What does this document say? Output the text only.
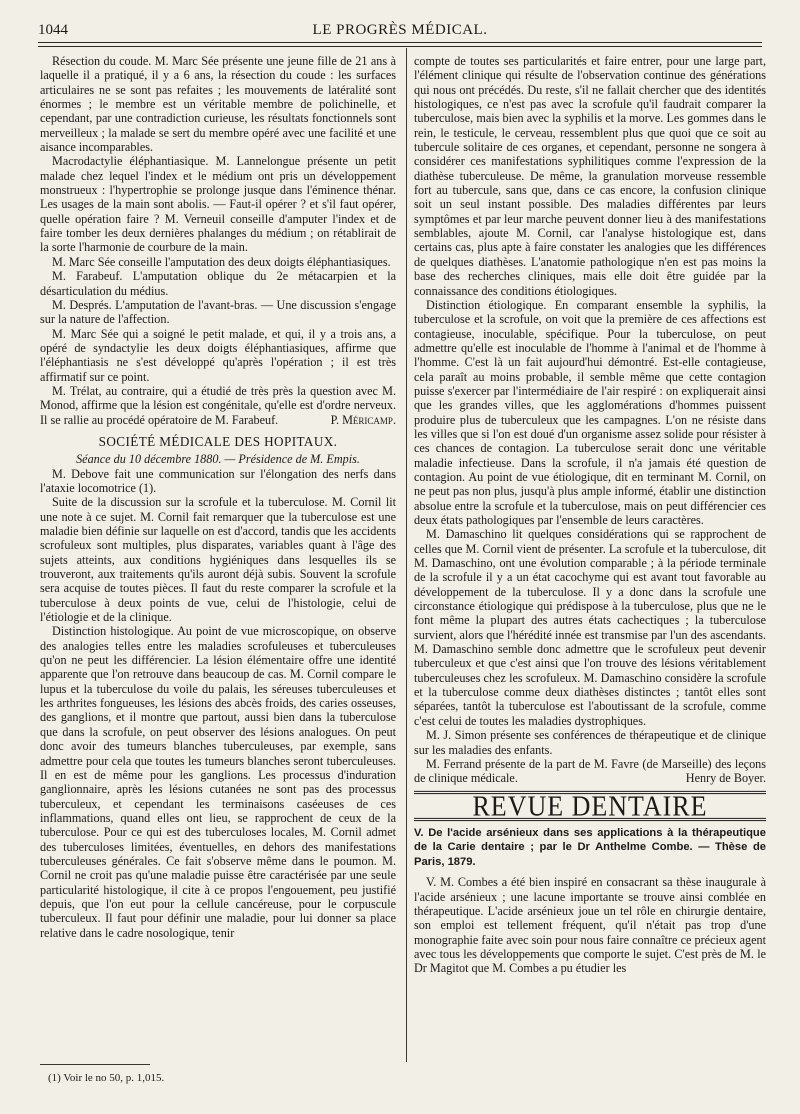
1044	LE PROGRÈS MÉDICAL.

Résection du coude. M. Marc Sée présente une jeune fille de 21 ans à laquelle il a pratiqué, il y a 6 ans, la résection du coude : les surfaces articulaires ne se sont pas refaites ; les mouvements de latéralité sont énormes ; le membre est un véritable membre de polichinelle, et cependant, par une contradiction curieuse, les résultats fonctionnels sont merveilleux ; la malade se sert du membre opéré avec une facilité et une aisance incomparables.

Macrodactylie éléphantiasique. M. Lannelongue présente un petit malade chez lequel l'index et le médium ont pris un développement monstrueux : l'hypertrophie se prolonge jusque dans l'éminence thénar. Les usages de la main sont abolis. — Faut-il opérer ? et s'il faut opérer, quelle opération faire ? M. Verneuil conseille d'amputer l'index et de faire tomber les deux dernières phalanges du médium ; on rétablirait de la sorte l'harmonie de courbure de la main.

M. Marc Sée conseille l'amputation des deux doigts éléphantiasiques.

M. Farabeuf. L'amputation oblique du 2e métacarpien et la désarticulation du médius.

M. Després. L'amputation de l'avant-bras. — Une discussion s'engage sur la nature de l'affection.

M. Marc Sée qui a soigné le petit malade, et qui, il y a trois ans, a opéré de syndactylie les deux doigts éléphantiasiques, affirme que l'éléphantiasis ne s'est développé qu'après l'opération ; il est très affirmatif sur ce point.

M. Trélat, au contraire, qui a étudié de très près la question avec M. Monod, affirme que la lésion est congénitale, qu'elle est d'ordre nerveux. Il se rallie au procédé opératoire de M. Farabeuf.	P. Méricamp.

SOCIÉTÉ MÉDICALE DES HOPITAUX.

Séance du 10 décembre 1880. — Présidence de M. Empis.

M. Debove fait une communication sur l'élongation des nerfs dans l'ataxie locomotrice (1).

Suite de la discussion sur la scrofule et la tuberculose. M. Cornil lit une note à ce sujet. M. Cornil fait remarquer que la tuberculose est une maladie bien définie sur laquelle on est d'accord, tandis que les accidents scrofuleux sont multiples, plus disparates, variables quant à l'âge des sujets atteints, aux conditions hygiéniques dans lesquelles ils se trouveront, aux traitements qu'ils auront déjà subis. Souvent la scrofule sera acquise de toutes pièces. Il faut du reste comparer la scrofule et la tuberculose à deux points de vue, celui de l'histologie, celui de l'étiologie et de la clinique.

Distinction histologique. Au point de vue microscopique, on observe des analogies telles entre les maladies scrofuleuses et tuberculeuses qu'on ne peut les différencier. La lésion élémentaire offre une identité apparente que l'on retrouve dans beaucoup de cas. M. Cornil compare le lupus et la tuberculose du voile du palais, les séreuses tuberculeuses et les arthrites fongueuses, les lésions des abcès froids, des caries osseuses, des ganglions, et il montre que partout, aussi bien dans la tuberculose que dans la scrofule, on peut observer des lésions analogues. On peut donc avoir des tumeurs blanches tuberculeuses, par exemple, sans admettre pour cela que toutes les tumeurs blanches seront tuberculeuses. Il en est de même pour les ganglions. Les processus d'induration ganglionnaire, après les lésions cutanées ne sont pas des processus tuberculeux, et cependant les terminaisons caséeuses de ces inflammations, quand elles ont lieu, se rapprochent de ceux de la tuberculose. Pour ce qui est des tuberculoses locales, M. Cornil admet des tuberculoses limitées, éventuelles, en dehors des manifestations tuberculeuses générales. Ce fait s'observe même dans le poumon. M. Cornil ne croit pas qu'une maladie puisse être caractérisée par une seule particularité histologique, il cite à ce propos l'engouement, peu justifié depuis, que l'on eut pour la cellule cancéreuse, pour le corpuscule tuberculeux. Il faut pour définir une maladie, pour lui donner sa place relative dans le cadre nosologique, tenir

compte de toutes ses particularités et faire entrer, pour une large part, l'élément clinique qui résulte de l'observation continue des générations qui nous ont précédés. Du reste, s'il ne fallait chercher que des identités histologiques, ce n'est pas avec la scrofule qu'il faudrait comparer la tuberculose, mais bien avec la syphilis et la morve. Les gommes dans le rein, le testicule, le cerveau, ressemblent plus que quoi que ce soit au tubercule solitaire de ces organes, et cependant, personne ne songera à considérer ces manifestations syphilitiques comme l'expression de la diathèse tuberculeuse. De même, la granulation morveuse ressemble fort au tubercule, sans que, dans ce cas encore, la confusion clinique soit un seul instant possible. Des maladies différentes par leurs symptômes et par leur marche peuvent donner lieu à des manifestations semblables, ajoute M. Cornil, car l'analyse histologique est, dans certains cas, plus apte à faire constater les analogies que les différences de quelques diathèses. L'anatomie pathologique n'en est pas moins la base des recherches cliniques, mais elle doit être guidée par la connaissance des conditions étiologiques.

Distinction étiologique. En comparant ensemble la syphilis, la tuberculose et la scrofule, on voit que la première de ces affections est contagieuse, inoculable, spécifique. Pour la tuberculose, on peut admettre qu'elle est inoculable de l'homme à l'animal et de l'homme à l'homme. C'est là un fait aujourd'hui démontré. Est-elle contagieuse, cela paraît au moins probable, il semble même que cette contagion puisse s'exercer par l'intermédiaire de l'air respiré : on expliquerait ainsi que les grandes villes, que les agglomérations d'hommes puissent produire plus de tuberculeux que les campagnes. L'on ne résiste dans les villes que si l'on est doué d'un organisme assez solide pour résister à ces chances de contagion. La tuberculose serait donc une véritable maladie infectieuse. Dans la scrofule, il n'a jamais été question de contagion. Au point de vue étiologique, dit en terminant M. Cornil, on ne peut pas non plus, jusqu'à plus ample informé, établir une distinction absolue entre la scrofule et la tuberculose, mais on peut différencier ces deux états pathologiques par l'ensemble de leurs caractères.

M. Damaschino lit quelques considérations qui se rapprochent de celles que M. Cornil vient de présenter. La scrofule et la tuberculose, dit M. Damaschino, ont une évolution comparable ; à la période terminale de la scrofule il y a un état cacochyme qui est avant tout favorable au développement de la tuberculose. Il y a donc dans la scrofule une circonstance étiologique qui prédispose à la tuberculose, plus que ne le font même la plupart des autres états cachectiques ; la tuberculose survient, alors que l'hérédité innée est transmise par l'un des ascendants. M. Damaschino semble donc admettre que le scrofuleux peut devenir tuberculeux et que c'est ainsi que l'on trouve des lésions véritablement tuberculeuses chez les scrofuleux. M. Damaschino considère la scrofule et la tuberculose comme deux diathèses distinctes ; tantôt elles sont séparées, tantôt la tuberculose est l'aboutissant de la scrofule, comme c'est celui de toutes les maladies dystrophiques.

M. J. Simon présente ses conférences de thérapeutique et de clinique sur les maladies des enfants.

M. Ferrand présente de la part de M. Favre (de Marseille) des leçons de clinique médicale.	Henry de Boyer.

REVUE DENTAIRE

V. De l'acide arsénieux dans ses applications à la thérapeutique de la Carie dentaire ; par le Dr Anthelme Combe. — Thèse de Paris, 1879.

V. M. Combes a été bien inspiré en consacrant sa thèse inaugurale à l'acide arsénieux ; une lacune importante se trouve ainsi comblée en thérapeutique. L'acide arsénieux joue un tel rôle en chirurgie dentaire, son emploi est tellement fréquent, qu'il n'était pas trop d'une monographie faite avec soin pour nous faire connaître ce précieux agent avec tous les développements que comporte le sujet. C'est près de M. le Dr Magitot que M. Combes a pu étudier les

(1) Voir le no 50, p. 1,015.
